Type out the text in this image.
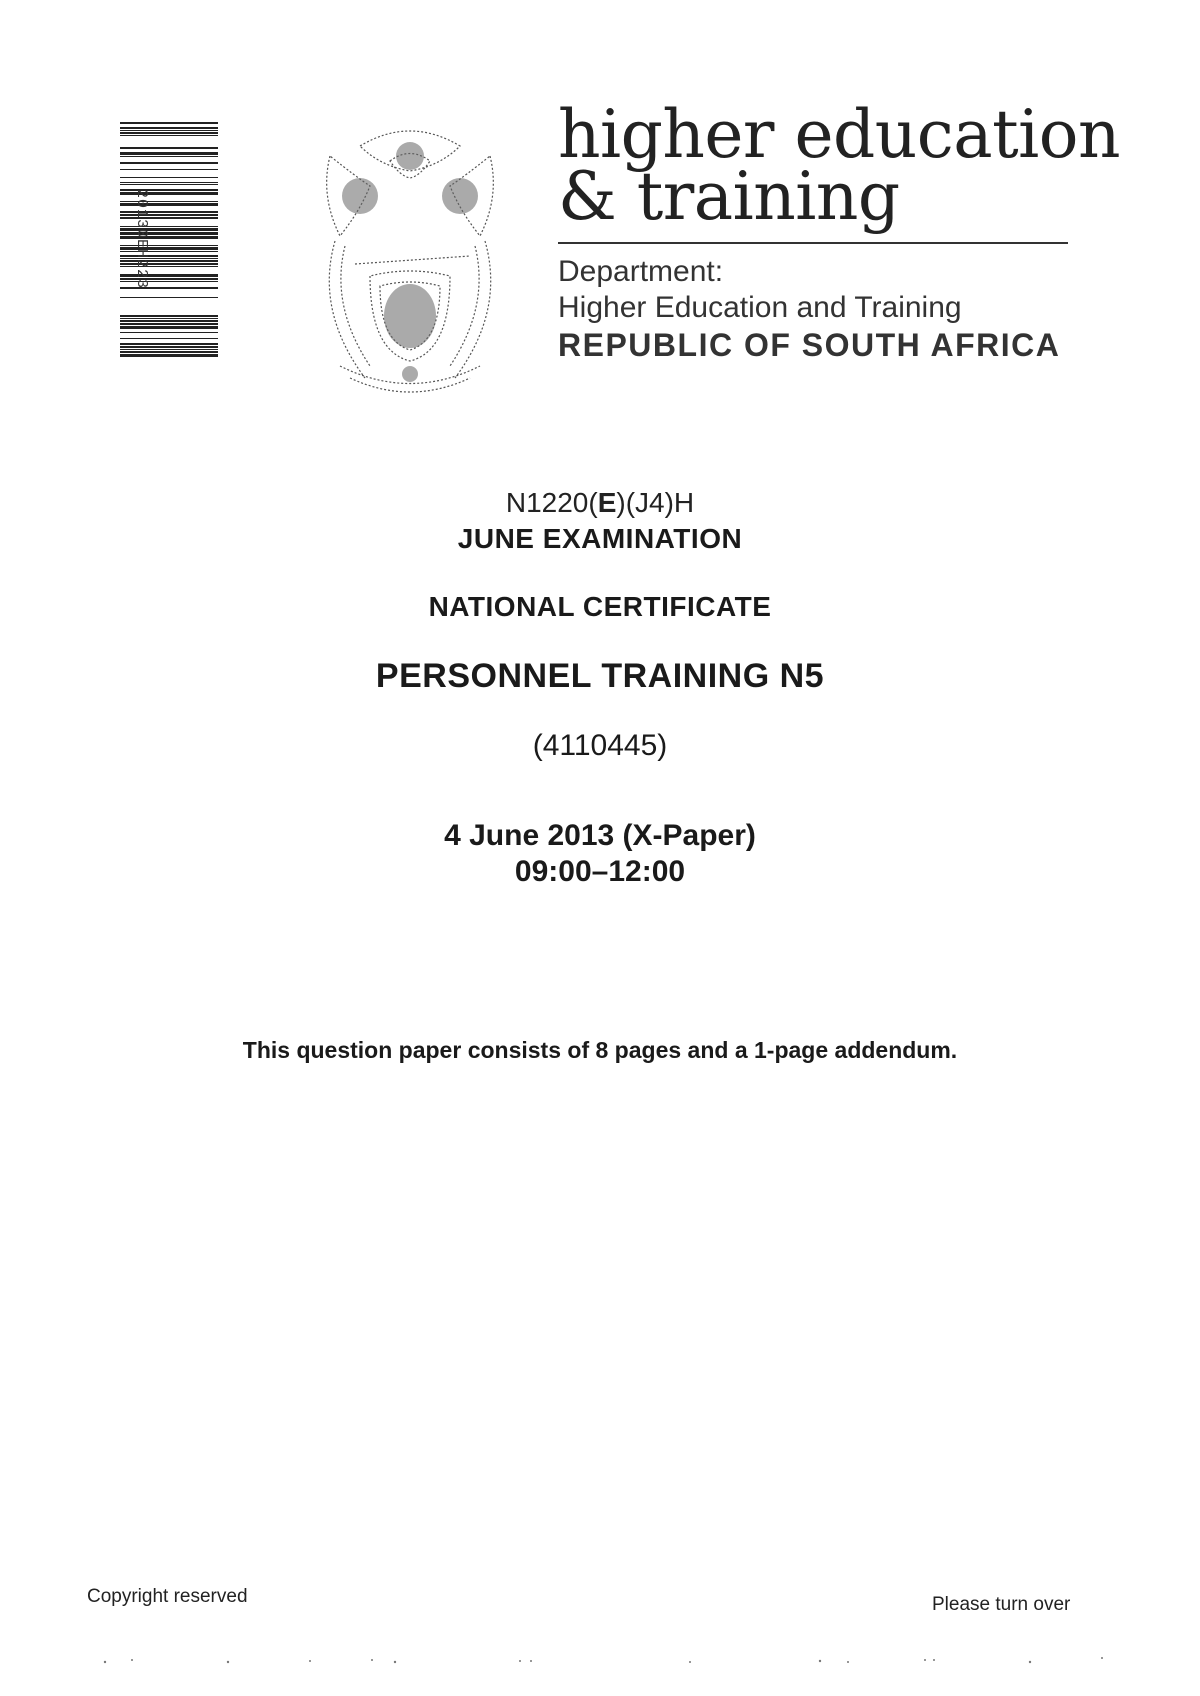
20130EH223
higher education
& training
Department:
Higher Education and Training
REPUBLIC OF SOUTH AFRICA
N1220(E)(J4)H
JUNE EXAMINATION
NATIONAL CERTIFICATE
PERSONNEL TRAINING N5
(4110445)
4 June 2013 (X-Paper)
09:00–12:00
This question paper consists of 8 pages and a 1-page addendum.
Copyright reserved	Please turn over
